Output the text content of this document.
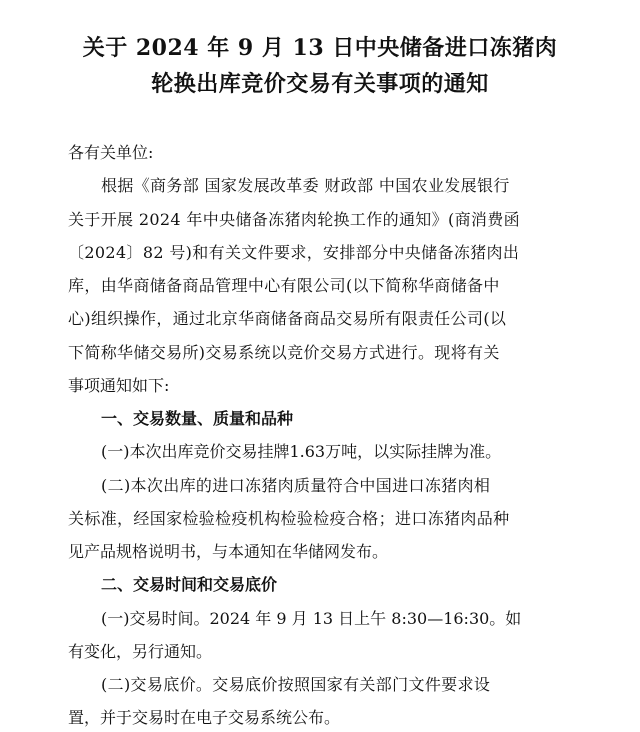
关于 2024 年 9 月 13 日中央储备进口冻猪肉
轮换出库竞价交易有关事项的通知
各有关单位:
根据《商务部 国家发展改革委 财政部 中国农业发展银行
关于开展 2024 年中央储备冻猪肉轮换工作的通知》(商消费函
〔2024〕82 号)和有关文件要求，安排部分中央储备冻猪肉出
库，由华商储备商品管理中心有限公司(以下简称华商储备中
心)组织操作，通过北京华商储备商品交易所有限责任公司(以
下简称华储交易所)交易系统以竞价交易方式进行。现将有关
事项通知如下:
一、交易数量、质量和品种
(一)本次出库竞价交易挂牌1.63万吨，以实际挂牌为准。
(二)本次出库的进口冻猪肉质量符合中国进口冻猪肉相
关标准，经国家检验检疫机构检验检疫合格；进口冻猪肉品种
见产品规格说明书，与本通知在华储网发布。
二、交易时间和交易底价
(一)交易时间。2024 年 9 月 13 日上午 8:30—16:30。如
有变化，另行通知。
(二)交易底价。交易底价按照国家有关部门文件要求设
置，并于交易时在电子交易系统公布。
